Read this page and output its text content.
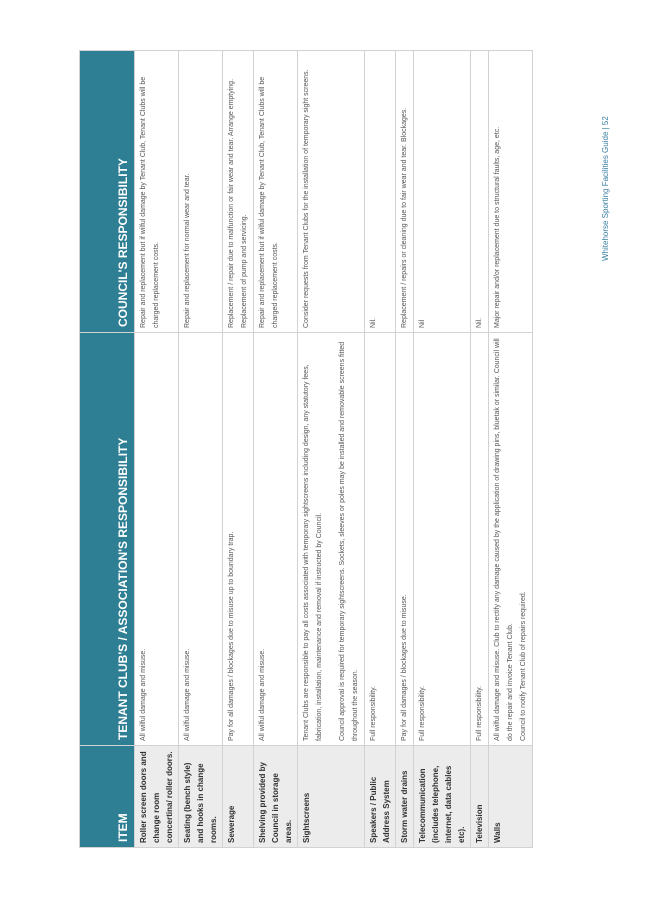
ITEM	TENANT CLUB'S / ASSOCIATION'S RESPONSIBILITY	COUNCIL'S RESPONSIBILITY
Roller screen doors and change room concertina/ roller doors.	All wilful damage and misuse.	Repair and replacement but if wilful damage by Tenant Club, Tenant Clubs will be charged replacement costs.

Seating (bench style) and hooks in change rooms.	All wilful damage and misuse.	Repair and replacement for normal wear and tear.

Sewerage	Pay for all damages / blockages due to misuse up to boundary trap.	Replacement / repair due to malfunction or fair wear and tear. Arrange emptying. Replacement of pump and servicing.

Shelving provided by Council in storage areas.	All wilful damage and misuse.	Repair and replacement but if wilful damage by Tenant Club, Tenant Clubs will be charged replacement costs.

Sightscreens	Tenant Clubs are responsible to pay all costs associated with temporary sightscreens including design, any statutory fees, fabrication, installation, maintenance and removal if instructed by Council. Council approval is required for temporary sightscreens. Sockets, sleeves or poles may be installed and removable screens fitted throughout the season.	Consider requests from Tenant Clubs for the installation of temporary sight screens.

Speakers / Public Address System	Full responsibility.	Nil.

Storm water drains	Pay for all damages / blockages due to misuse.	Replacement / repairs or cleaning due to fair wear and tear. Blockages.

Telecommunication (includes telephone, internet, data cables etc).	Full responsibility.	Nil

Television	Full responsibility.	Nil.

Walls	All wilful damage and misuse. Club to rectify any damage caused by the application of drawing pins, bluetak or similar. Council will do the repair and invoice Tenant Club. Council to notify Tenant Club of repairs required.	Major repair and/or replacement due to structural faults, age, etc.	Whitehorse Sporting Facilities Guide | 52
